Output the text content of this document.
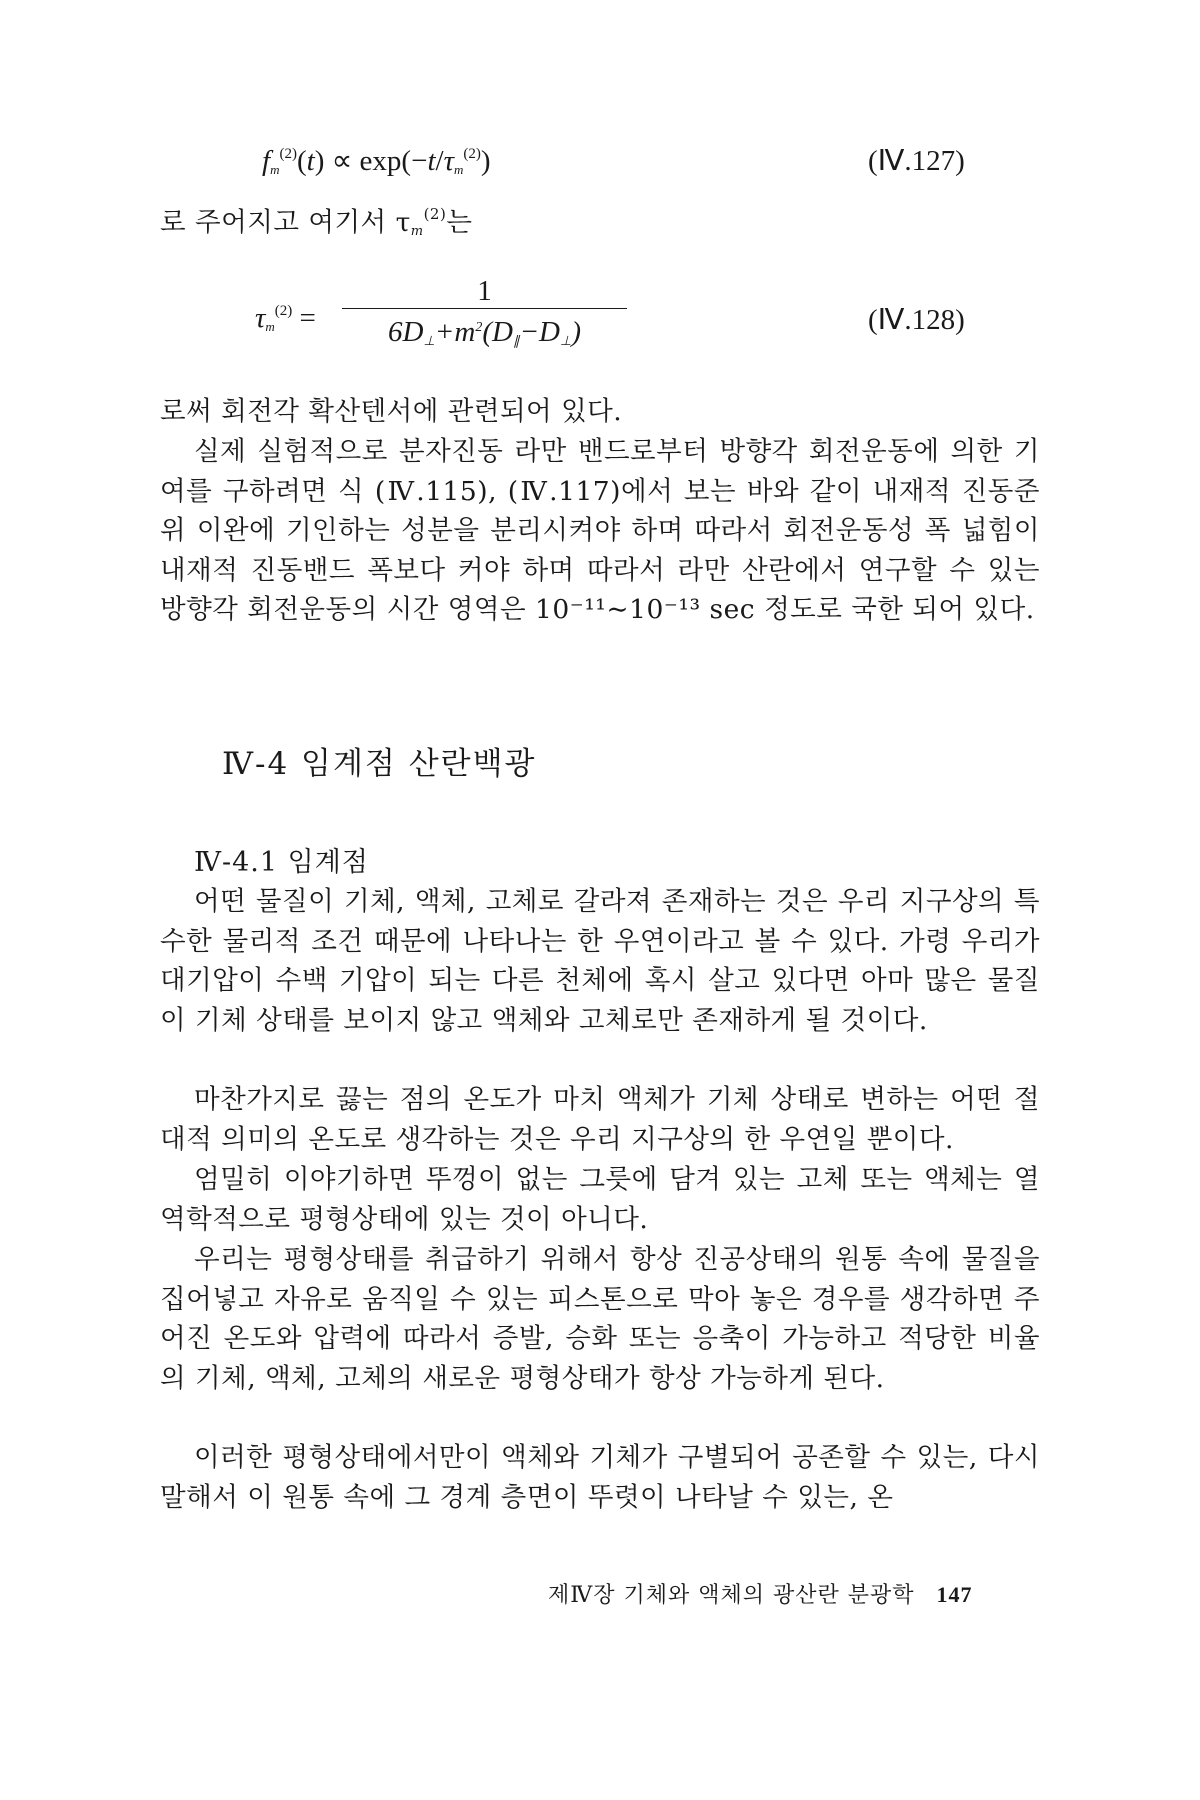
$f_m^{(2)}(t) \propto \exp(-t/\tau_m^{(2)})$	(Ⅳ.127)
로 주어지고 여기서 $\tau_m^{(2)}$는
$\tau_m^{(2)}$ =
1
$6D_\perp+m^2(D_\parallel-D_\perp)$	(Ⅳ.128)

로써 회전각 확산텐서에 관련되어 있다.

실제 실험적으로 분자진동 라만 밴드로부터 방향각 회전운동에 의한 기여를 구하려면 식 (Ⅳ.115), (Ⅳ.117)에서 보는 바와 같이 내재적 진동준위 이완에 기인하는 성분을 분리시켜야 하며 따라서 회전운동성 폭 넓힘이 내재적 진동밴드 폭보다 커야 하며 따라서 라만 산란에서 연구할 수 있는 방향각 회전운동의 시간 영역은 10⁻¹¹∼10⁻¹³ sec 정도로 국한 되어 있다.

Ⅳ-4 임계점 산란백광
Ⅳ-4.1 임계점

어떤 물질이 기체, 액체, 고체로 갈라져 존재하는 것은 우리 지구상의 특수한 물리적 조건 때문에 나타나는 한 우연이라고 볼 수 있다. 가령 우리가 대기압이 수백 기압이 되는 다른 천체에 혹시 살고 있다면 아마 많은 물질이 기체 상태를 보이지 않고 액체와 고체로만 존재하게 될 것이다.

마찬가지로 끓는 점의 온도가 마치 액체가 기체 상태로 변하는 어떤 절대적 의미의 온도로 생각하는 것은 우리 지구상의 한 우연일 뿐이다.

엄밀히 이야기하면 뚜껑이 없는 그릇에 담겨 있는 고체 또는 액체는 열역학적으로 평형상태에 있는 것이 아니다.

우리는 평형상태를 취급하기 위해서 항상 진공상태의 원통 속에 물질을 집어넣고 자유로 움직일 수 있는 피스톤으로 막아 놓은 경우를 생각하면 주어진 온도와 압력에 따라서 증발, 승화 또는 응축이 가능하고 적당한 비율의 기체, 액체, 고체의 새로운 평형상태가 항상 가능하게 된다.

이러한 평형상태에서만이 액체와 기체가 구별되어 공존할 수 있는, 다시 말해서 이 원통 속에 그 경계 층면이 뚜렷이 나타날 수 있는, 온

제Ⅳ장 기체와 액체의 광산란 분광학 147
